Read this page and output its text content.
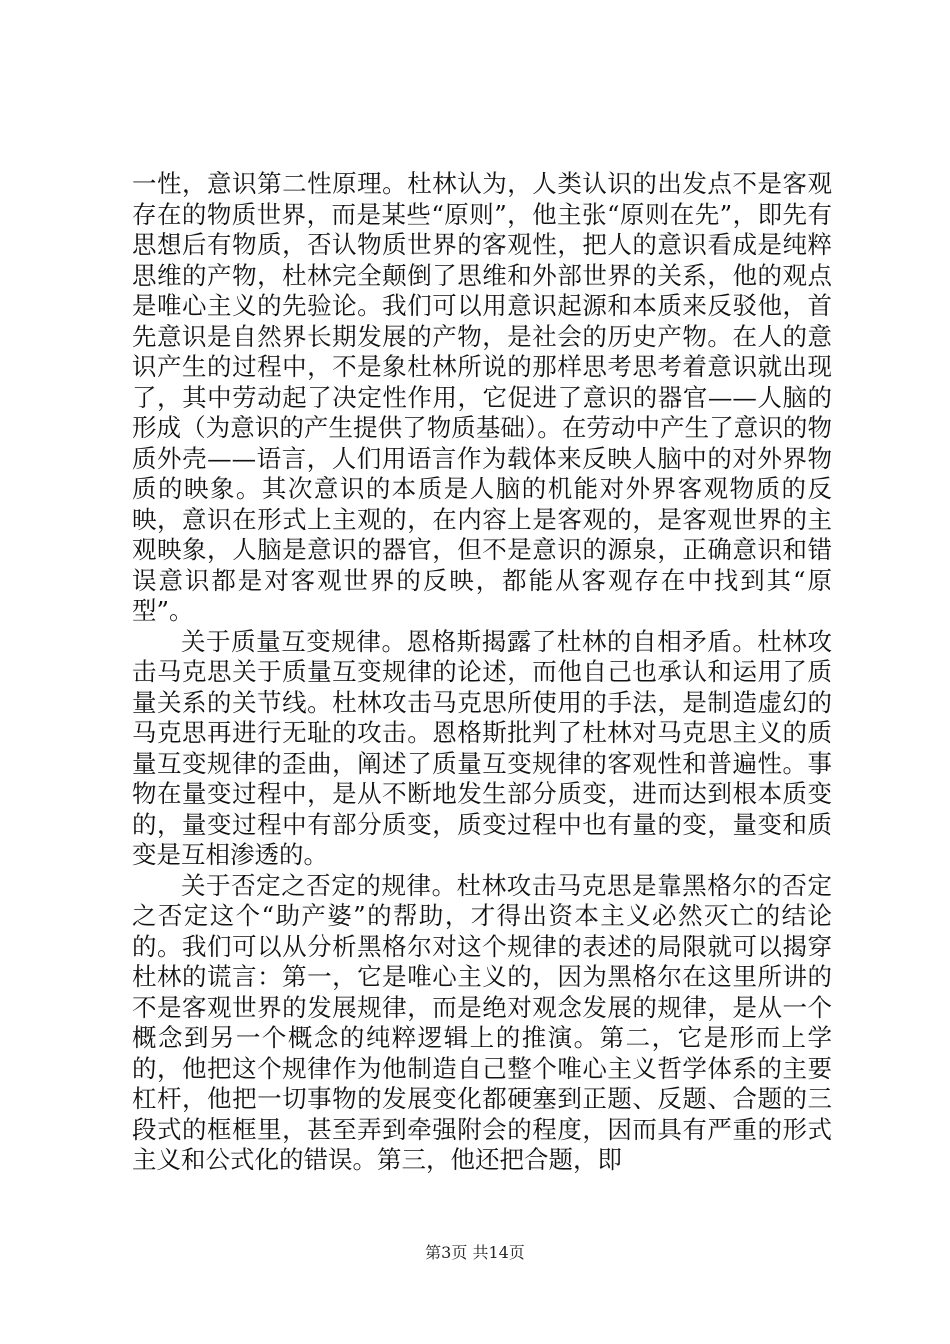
一性，意识第二性原理。杜林认为，人类认识的出发点不是客观存在的物质世界，而是某些“原则”，他主张“原则在先”，即先有思想后有物质，否认物质世界的客观性，把人的意识看成是纯粹思维的产物，杜林完全颠倒了思维和外部世界的关系，他的观点是唯心主义的先验论。我们可以用意识起源和本质来反驳他，首先意识是自然界长期发展的产物，是社会的历史产物。在人的意识产生的过程中，不是象杜林所说的那样思考思考着意识就出现了，其中劳动起了决定性作用，它促进了意识的器官——人脑的形成（为意识的产生提供了物质基础）。在劳动中产生了意识的物质外壳——语言，人们用语言作为载体来反映人脑中的对外界物质的映象。其次意识的本质是人脑的机能对外界客观物质的反映，意识在形式上主观的，在内容上是客观的，是客观世界的主观映象，人脑是意识的器官，但不是意识的源泉，正确意识和错误意识都是对客观世界的反映，都能从客观存在中找到其“原型”。

关于质量互变规律。恩格斯揭露了杜林的自相矛盾。杜林攻击马克思关于质量互变规律的论述，而他自己也承认和运用了质量关系的关节线。杜林攻击马克思所使用的手法，是制造虚幻的马克思再进行无耻的攻击。恩格斯批判了杜林对马克思主义的质量互变规律的歪曲，阐述了质量互变规律的客观性和普遍性。事物在量变过程中，是从不断地发生部分质变，进而达到根本质变的，量变过程中有部分质变，质变过程中也有量的变，量变和质变是互相渗透的。

关于否定之否定的规律。杜林攻击马克思是靠黑格尔的否定之否定这个“助产婆”的帮助，才得出资本主义必然灭亡的结论的。我们可以从分析黑格尔对这个规律的表述的局限就可以揭穿杜林的谎言：第一，它是唯心主义的，因为黑格尔在这里所讲的不是客观世界的发展规律，而是绝对观念发展的规律，是从一个概念到另一个概念的纯粹逻辑上的推演。第二，它是形而上学的，他把这个规律作为他制造自己整个唯心主义哲学体系的主要杠杆，他把一切事物的发展变化都硬塞到正题、反题、合题的三段式的框框里，甚至弄到牵强附会的程度，因而具有严重的形式主义和公式化的错误。第三，他还把合题，即

第3页 共14页
